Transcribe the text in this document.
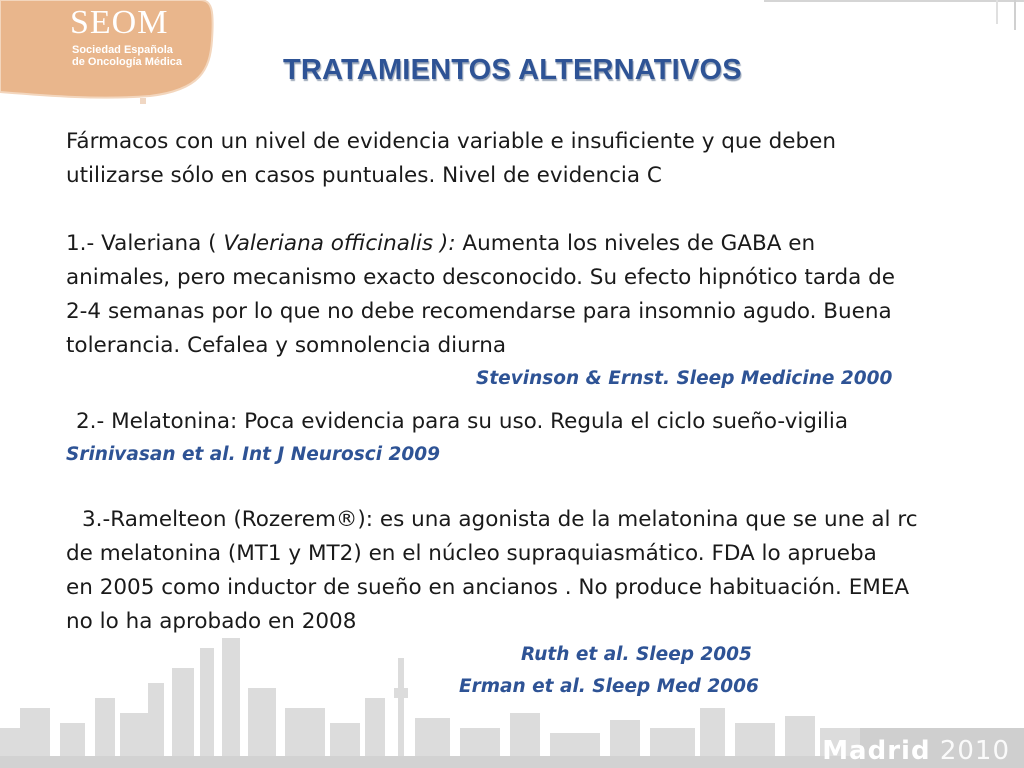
SEOM
Sociedad Española
de Oncología Médica	TRATAMIENTOS ALTERNATIVOS
Fármacos con un nivel de evidencia variable e insuficiente y que deben
utilizarse sólo en casos puntuales. Nivel de evidencia C
1.- Valeriana ( Valeriana officinalis ): Aumenta los niveles de GABA en
animales, pero mecanismo exacto desconocido. Su efecto hipnótico tarda de
2-4 semanas por lo que no debe recomendarse para insomnio agudo. Buena
tolerancia. Cefalea y somnolencia diurna
Stevinson & Ernst. Sleep Medicine 2000
2.- Melatonina: Poca evidencia para su uso. Regula el ciclo sueño-vigilia
Srinivasan et al. Int J Neurosci 2009
3.-Ramelteon (Rozerem®): es una agonista de la melatonina que se une al rc
de melatonina (MT1 y MT2) en el núcleo supraquiasmático. FDA lo aprueba
en 2005 como inductor de sueño en ancianos . No produce habituación. EMEA
no lo ha aprobado en 2008
Ruth et al. Sleep 2005
Erman et al. Sleep Med 2006
Madrid 2010
